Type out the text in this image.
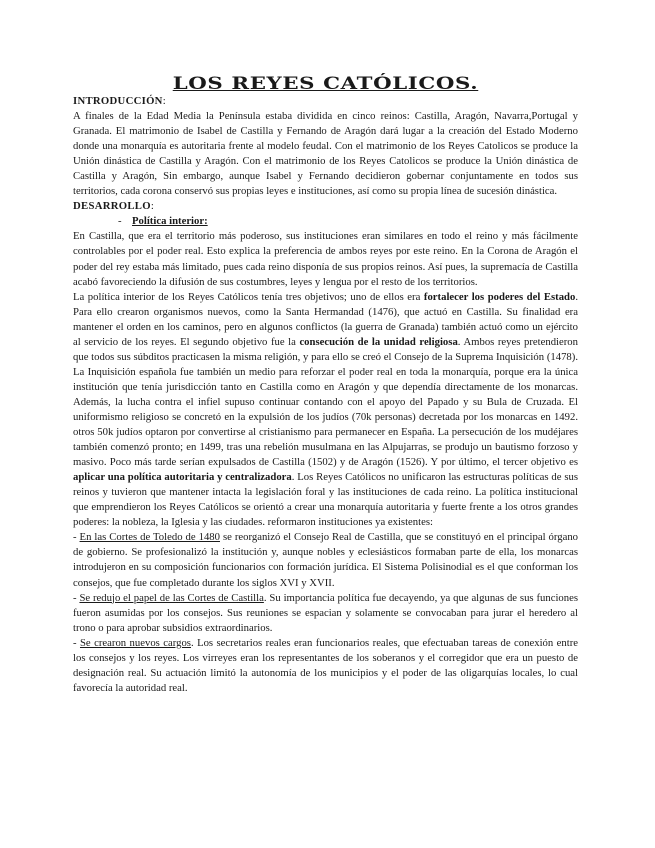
LOS REYES CATÓLICOS.

INTRODUCCIÓN:

A finales de la Edad Media la Península estaba dividida en cinco reinos: Castilla, Aragón, Navarra,Portugal y Granada. El matrimonio de Isabel de Castilla y Fernando de Aragón dará lugar a la creación del Estado Moderno donde una monarquía es autoritaria frente al modelo feudal. Con el matrimonio de los Reyes Catolicos se produce la Unión dinástica de Castilla y Aragón. Con el matrimonio de los Reyes Catolicos se produce la Unión dinástica de Castilla y Aragón, Sin embargo, aunque Isabel y Fernando decidieron gobernar conjuntamente en todos sus territorios, cada corona conservó sus propias leyes e instituciones, así como su propia línea de sucesión dinástica.

DESARROLLO:

- Política interior:

En Castilla, que era el territorio más poderoso, sus instituciones eran similares en todo el reino y más fácilmente controlables por el poder real. Esto explica la preferencia de ambos reyes por este reino. En la Corona de Aragón el poder del rey estaba más limitado, pues cada reino disponía de sus propios reinos. Así pues, la supremacía de Castilla acabó favoreciendo la difusión de sus costumbres, leyes y lengua por el resto de los territorios.

La política interior de los Reyes Católicos tenía tres objetivos; uno de ellos era fortalecer los poderes del Estado. Para ello crearon organismos nuevos, como la Santa Hermandad (1476), que actuó en Castilla. Su finalidad era mantener el orden en los caminos, pero en algunos conflictos (la guerra de Granada) también actuó como un ejército al servicio de los reyes. El segundo objetivo fue la consecución de la unidad religiosa. Ambos reyes pretendieron que todos sus súbditos practicasen la misma religión, y para ello se creó el Consejo de la Suprema Inquisición (1478). La Inquisición española fue también un medio para reforzar el poder real en toda la monarquía, porque era la única institución que tenía jurisdicción tanto en Castilla como en Aragón y que dependía directamente de los monarcas. Además, la lucha contra el infiel supuso continuar contando con el apoyo del Papado y su Bula de Cruzada. El uniformismo religioso se concretó en la expulsión de los judíos (70k personas) decretada por los monarcas en 1492. otros 50k judíos optaron por convertirse al cristianismo para permanecer en España. La persecución de los mudéjares también comenzó pronto; en 1499, tras una rebelión musulmana en las Alpujarras, se produjo un bautismo forzoso y masivo. Poco más tarde serían expulsados de Castilla (1502) y de Aragón (1526). Y por último, el tercer objetivo es aplicar una política autoritaria y centralizadora. Los Reyes Católicos no unificaron las estructuras políticas de sus reinos y tuvieron que mantener intacta la legislación foral y las instituciones de cada reino. La política institucional que emprendieron los Reyes Católicos se orientó a crear una monarquía autoritaria y fuerte frente a los otros grandes poderes: la nobleza, la Iglesia y las ciudades. reformaron instituciones ya existentes:

- En las Cortes de Toledo de 1480 se reorganizó el Consejo Real de Castilla, que se constituyó en el principal órgano de gobierno. Se profesionalizó la institución y, aunque nobles y eclesiásticos formaban parte de ella, los monarcas introdujeron en su composición funcionarios con formación jurídica. El Sistema Polisinodial es el que conforman los consejos, que fue completado durante los siglos XVI y XVII.

- Se redujo el papel de las Cortes de Castilla. Su importancia política fue decayendo, ya que algunas de sus funciones fueron asumidas por los consejos. Sus reuniones se espacian y solamente se convocaban para jurar el heredero al trono o para aprobar subsidios extraordinarios.

- Se crearon nuevos cargos. Los secretarios reales eran funcionarios reales, que efectuaban tareas de conexión entre los consejos y los reyes. Los virreyes eran los representantes de los soberanos y el corregidor que era un puesto de designación real. Su actuación limitó la autonomía de los municipios y el poder de las oligarquías locales, lo cual favorecía la autoridad real.
